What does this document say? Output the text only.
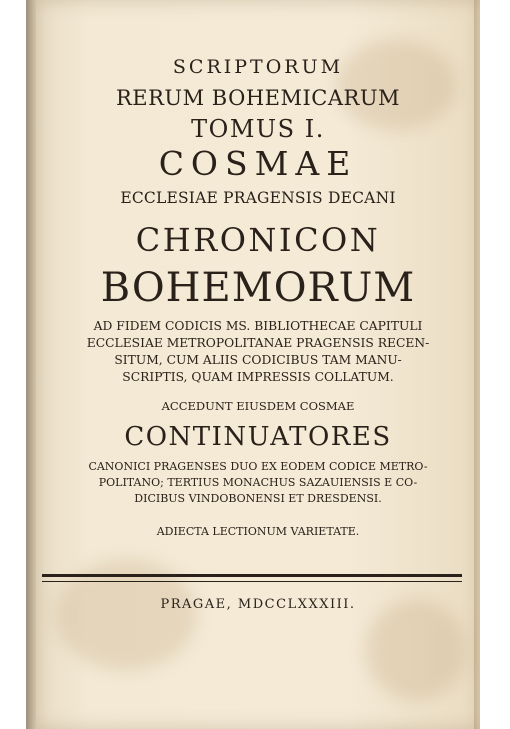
SCRIPTORUM
RERUM BOHEMICARUM
TOMUS I.
COSMAE
ECCLESIAE PRAGENSIS DECANI
CHRONICON
BOHEMORUM
AD FIDEM CODICIS MS. BIBLIOTHECAE CAPITULI
ECCLESIAE METROPOLITANAE PRAGENSIS RECEN-
SITUM, CUM ALIIS CODICIBUS TAM MANU-
SCRIPTIS, QUAM IMPRESSIS COLLATUM.
ACCEDUNT EIUSDEM COSMAE
CONTINUATORES
CANONICI PRAGENSES DUO EX EODEM CODICE METRO-
POLITANO; TERTIUS MONACHUS SAZAUIENSIS E CO-
DICIBUS VINDOBONENSI ET DRESDENSI.
ADIECTA LECTIONUM VARIETATE.
PRAGAE, MDCCLXXXIII.
